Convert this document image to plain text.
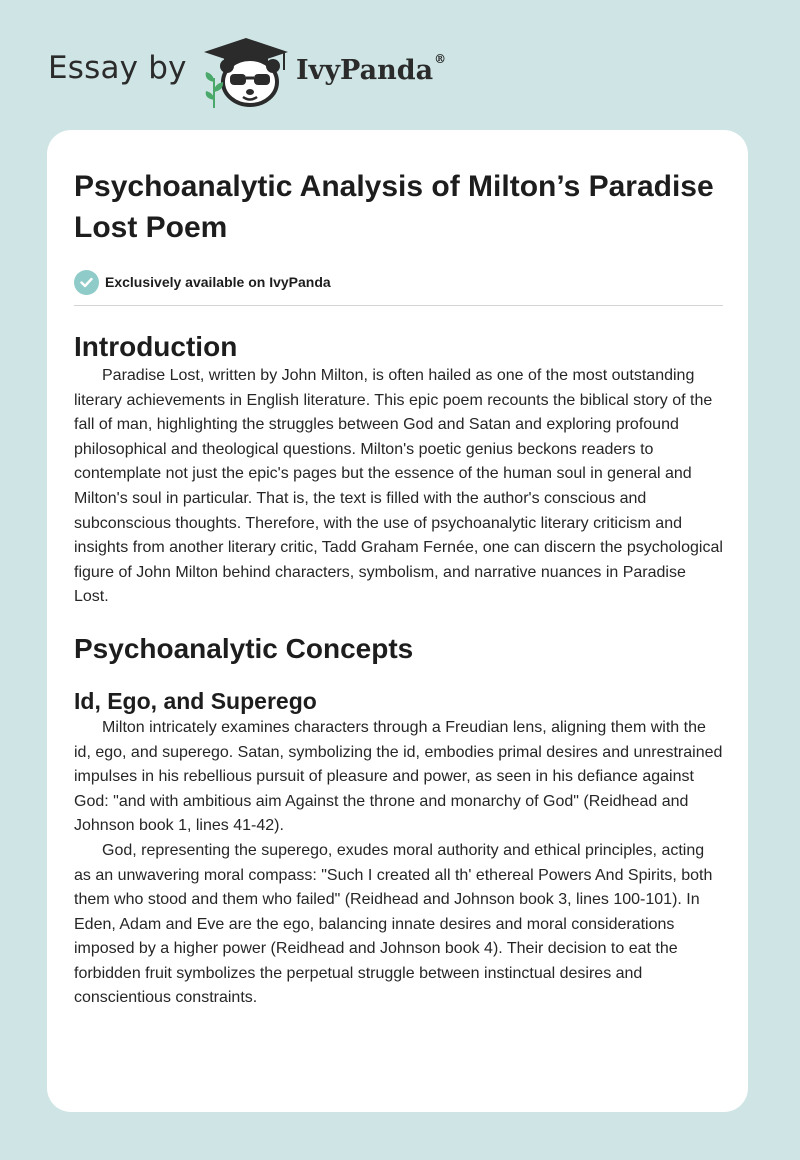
Essay by	IvyPanda®
Psychoanalytic Analysis of Milton’s Paradise Lost Poem
Exclusively available on IvyPanda
Introduction

Paradise Lost, written by John Milton, is often hailed as one of the most outstanding literary achievements in English literature. This epic poem recounts the biblical story of the fall of man, highlighting the struggles between God and Satan and exploring profound philosophical and theological questions. Milton's poetic genius beckons readers to contemplate not just the epic's pages but the essence of the human soul in general and Milton's soul in particular. That is, the text is filled with the author's conscious and subconscious thoughts. Therefore, with the use of psychoanalytic literary criticism and insights from another literary critic, Tadd Graham Fernée, one can discern the psychological figure of John Milton behind characters, symbolism, and narrative nuances in Paradise Lost.

Psychoanalytic Concepts
Id, Ego, and Superego

Milton intricately examines characters through a Freudian lens, aligning them with the id, ego, and superego. Satan, symbolizing the id, embodies primal desires and unrestrained impulses in his rebellious pursuit of pleasure and power, as seen in his defiance against God: "and with ambitious aim Against the throne and monarchy of God" (Reidhead and Johnson book 1, lines 41-42).

God, representing the superego, exudes moral authority and ethical principles, acting as an unwavering moral compass: "Such I created all th' ethereal Powers And Spirits, both them who stood and them who failed" (Reidhead and Johnson book 3, lines 100-101). In Eden, Adam and Eve are the ego, balancing innate desires and moral considerations imposed by a higher power (Reidhead and Johnson book 4). Their decision to eat the forbidden fruit symbolizes the perpetual struggle between instinctual desires and conscientious constraints.
